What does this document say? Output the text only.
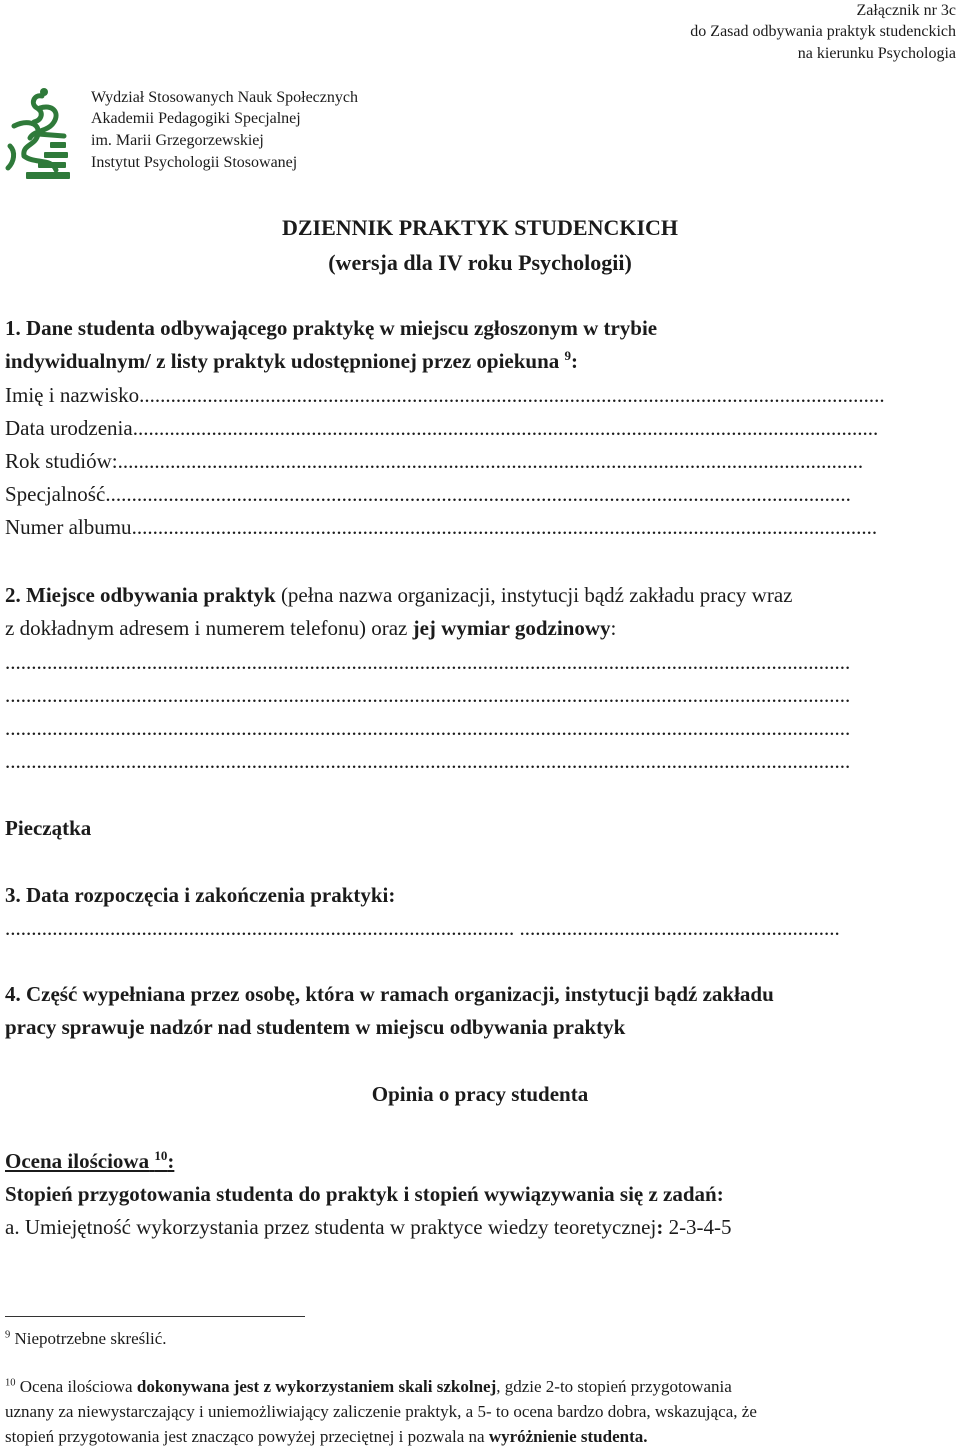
Załącznik nr 3c
do Zasad odbywania praktyk studenckich
na kierunku Psychologia
Wydział Stosowanych Nauk Społecznych
Akademii Pedagogiki Specjalnej
im. Marii Grzegorzewskiej
Instytut Psychologii Stosowanej
DZIENNIK PRAKTYK STUDENCKICH
(wersja dla IV roku Psychologii)
1. Dane studenta odbywającego praktykę w miejscu zgłoszonym w trybie
indywidualnym/ z listy praktyk udostępnionej przez opiekuna $^9$:
Imię i nazwisko ..............................................................................................................................................
Data urodzenia ..............................................................................................................................................
Rok studiów: ..............................................................................................................................................
Specjalność ..............................................................................................................................................
Numer albumu ..............................................................................................................................................
2. Miejsce odbywania praktyk (pełna nazwa organizacji, instytucji bądź zakładu pracy wraz
z dokładnym adresem i numerem telefonu) oraz jej wymiar godzinowy:
.................................................................................................................................................................
.................................................................................................................................................................
.................................................................................................................................................................
.................................................................................................................................................................
Pieczątka
3. Data rozpoczęcia i zakończenia praktyki:
................................................................................................. .............................................................
4. Część wypełniana przez osobę, która w ramach organizacji, instytucji bądź zakładu
pracy sprawuje nadzór nad studentem w miejscu odbywania praktyk
Opinia o pracy studenta
Ocena ilościowa $^{10}$:
Stopień przygotowania studenta do praktyk i stopień wywiązywania się z zadań:
a. Umiejętność wykorzystania przez studenta w praktyce wiedzy teoretycznej: 2-3-4-5
$^9$ Niepotrzebne skreślić.
$^{10}$ Ocena ilościowa dokonywana jest z wykorzystaniem skali szkolnej, gdzie 2-to stopień przygotowania
uznany za niewystarczający i uniemożliwiający zaliczenie praktyk, a 5- to ocena bardzo dobra, wskazująca, że
stopień przygotowania jest znacząco powyżej przeciętnej i pozwala na wyróżnienie studenta.
